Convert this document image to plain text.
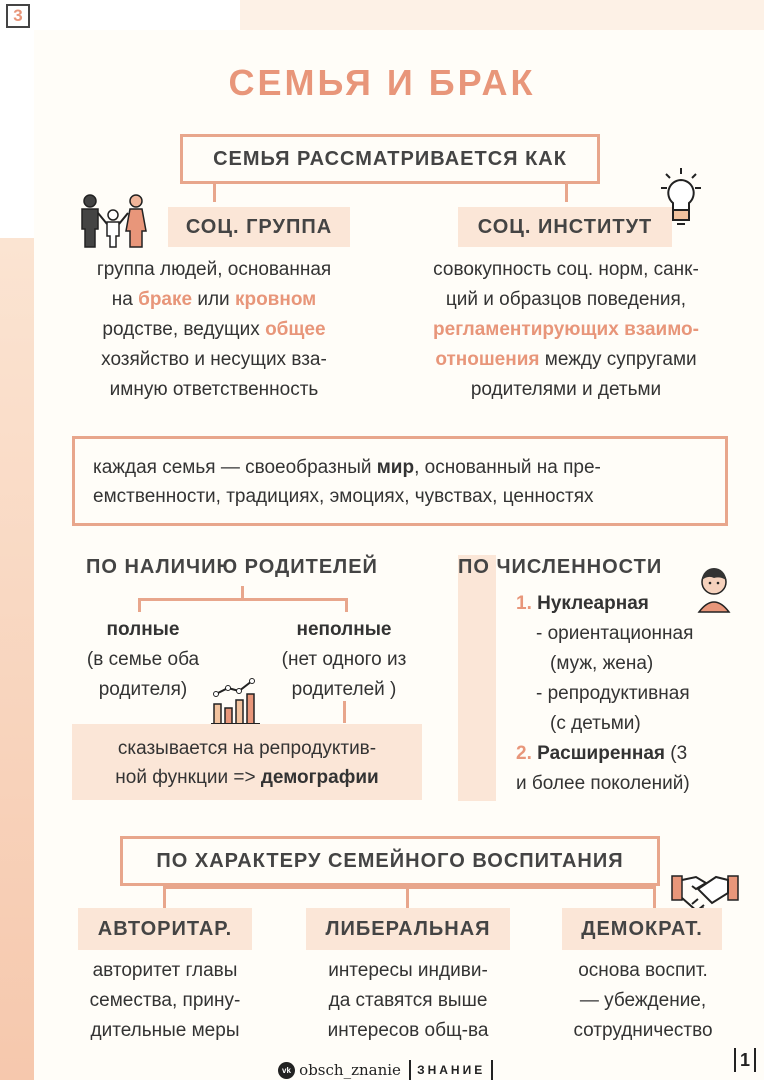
3
СЕМЬЯ И БРАК
СЕМЬЯ РАССМАТРИВАЕТСЯ КАК
СОЦ. ГРУППА
группа людей, основанная
на браке или кровном
родстве, ведущих общее
хозяйство и несущих вза-
имную ответственность
СОЦ. ИНСТИТУТ
совокупность соц. норм, санк-
ций и образцов поведения,
регламентирующих взаимо-
отношения между супругами
родителями и детьми
каждая семья — своеобразный мир, основанный на пре-
емственности, традициях, эмоциях, чувствах, ценностях
ПО НАЛИЧИЮ РОДИТЕЛЕЙ
полные
(в семье оба
родителя)
неполные
(нет одного из
родителей )
сказывается на репродуктив-
ной функции => демографии
ПО ЧИСЛЕННОСТИ
1. Нуклеарная
- ориентационная
(муж, жена)
- репродуктивная
(с детьми)
2. Расширенная (3
и более поколений)
ПО ХАРАКТЕРУ СЕМЕЙНОГО ВОСПИТАНИЯ
АВТОРИТАР.	ЛИБЕРАЛЬНАЯ	ДЕМОКРАТ.
авторитет главы
семества, прину-
дительные меры
интересы индиви-
да ставятся выше
интересов общ-ва
основа воспит.
— убеждение,
сотрудничество
vk obsch_znanie ЗНАНИЕ
1
